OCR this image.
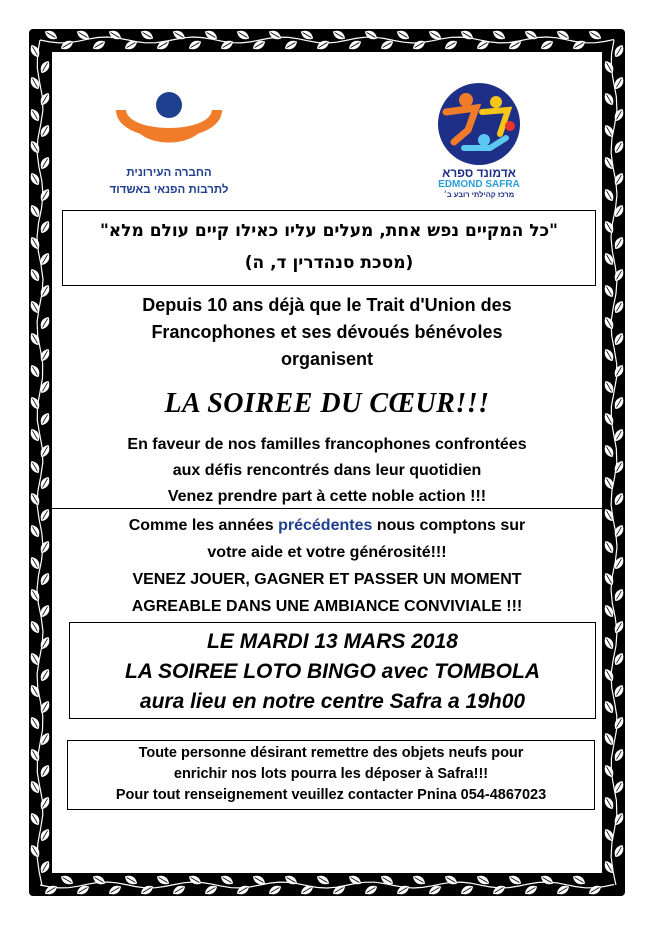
החברה העירונית
לתרבות הפנאי באשדוד
אדמונד ספרא
EDMOND SAFRA
מרכז קהילתי רובע ב׳
"כל המקיים נפש אחת, מעלים עליו כאילו קיים עולם מלא"
(מסכת סנהדרין ד, ה)
Depuis 10 ans déjà que le Trait d'Union des
Francophones et ses dévoués bénévoles
organisent
LA SOIREE DU CŒUR!!!
En faveur de nos familles francophones confrontées
aux défis rencontrés dans leur quotidien
Venez prendre part à cette noble action !!!
Comme les années précédentes nous comptons sur
votre aide et votre générosité!!!
VENEZ JOUER, GAGNER ET PASSER UN MOMENT
AGREABLE DANS UNE AMBIANCE CONVIVIALE !!!
LE MARDI 13 MARS 2018
LA SOIREE LOTO BINGO avec TOMBOLA
aura lieu en notre centre Safra a 19h00
Toute personne désirant remettre des objets neufs pour
enrichir nos lots pourra les déposer à Safra!!!
Pour tout renseignement veuillez contacter Pnina 054-4867023
